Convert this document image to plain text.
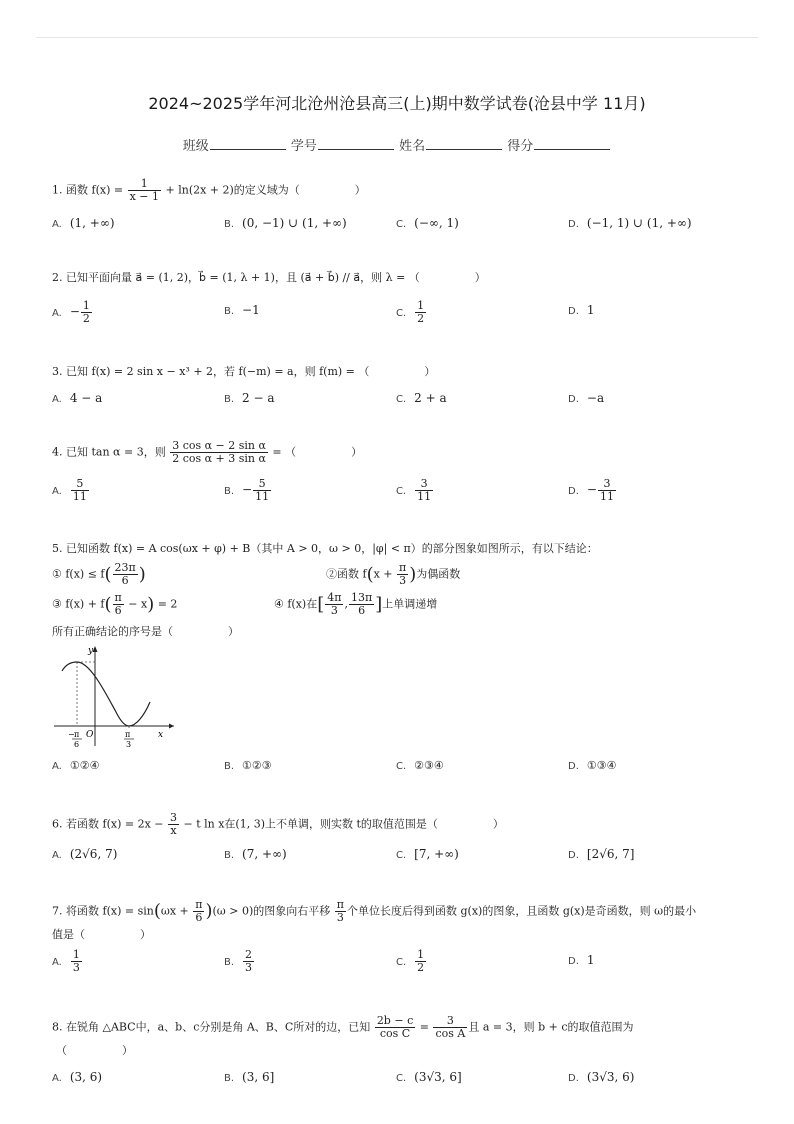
2024~2025学年河北沧州沧县高三(上)期中数学试卷(沧县中学 11月)
班级	学号	姓名	得分
1. 函数 $f(x) = \frac{1}{x - 1} + \ln(2x + 2)$的定义域为（　　　　　）
A. (1, +∞)	B. (0, −1) ∪ (1, +∞)	C. (−∞, 1)	D. (−1, 1) ∪ (1, +∞)
2. 已知平面向量 a⃗ = (1, 2)，b⃗ = (1, λ + 1)，且 (a⃗ + b⃗) // a⃗，则 λ = （　　　　　）
A. − $\frac{1}{2}$	B. −1	C. $\frac{1}{2}$	D. 1
3. 已知 f(x) = 2 sin x − x³ + 2，若 f(−m) = a，则 f(m) = （　　　　　）
A. 4 − a	B. 2 − a	C. 2 + a	D. −a
4. 已知 tan α = 3，则 $\frac{\text{3 cos α − 2 sin α}}{\text{2 cos α + 3 sin α}}$ = （　　　　　）
A. $\frac{5}{11}$	B. − $\frac{5}{11}$	C. $\frac{3}{11}$	D. − $\frac{3}{11}$
5. 已知函数 f(x) = A cos(ωx + φ) + B（其中 A > 0，ω > 0，|φ| < π）的部分图象如图所示，有以下结论：
① $f(x) \le f( \frac{23\pi}{6}$ )	②函数 $f(x + \frac{\pi}{3}$ )为偶函数
③ $f(x) + f( \frac{\pi}{6} - x) = 2$	④ f(x)在[ $\frac{4\pi}{3}$ , $\frac{13\pi}{6}$ ]上单调递增
所有正确结论的序号是（　　　　　）
y
x
O
− π
6
π
3
A. ①②④	B. ①②③	C. ②③④	D. ①③④
6. 若函数 $f(x) = 2x - \frac{3}{x} - t$ ln x在(1, 3)上不单调，则实数 t的取值范围是（　　　　　）
A. (2√6, 7)	B. (7, +∞)	C. [7, +∞)	D. [2√6, 7]
7. 将函数 $f(x) = \sin(\omega x + \frac{\pi}{6} )(\omega > 0)$的图象向右平移 $\frac{\pi}{3}$ 个单位长度后得到函数 g(x)的图象，且函数 g(x)是奇函数，则 ω的最小
值是（　　　　　）
A. $\frac{1}{3}$	B. $\frac{2}{3}$	C. $\frac{1}{2}$	D. 1
8. 在锐角 △ABC中，a、b、c分别是角 A、B、C所对的边，已知 $\frac{2b - c}{\text{cos C}} = \frac{3}{\text{cos A}}$ 且 a = 3，则 b + c的取值范围为
（　　　　　）
A. (3, 6)	B. (3, 6]	C. (3√3, 6]	D. (3√3, 6)
